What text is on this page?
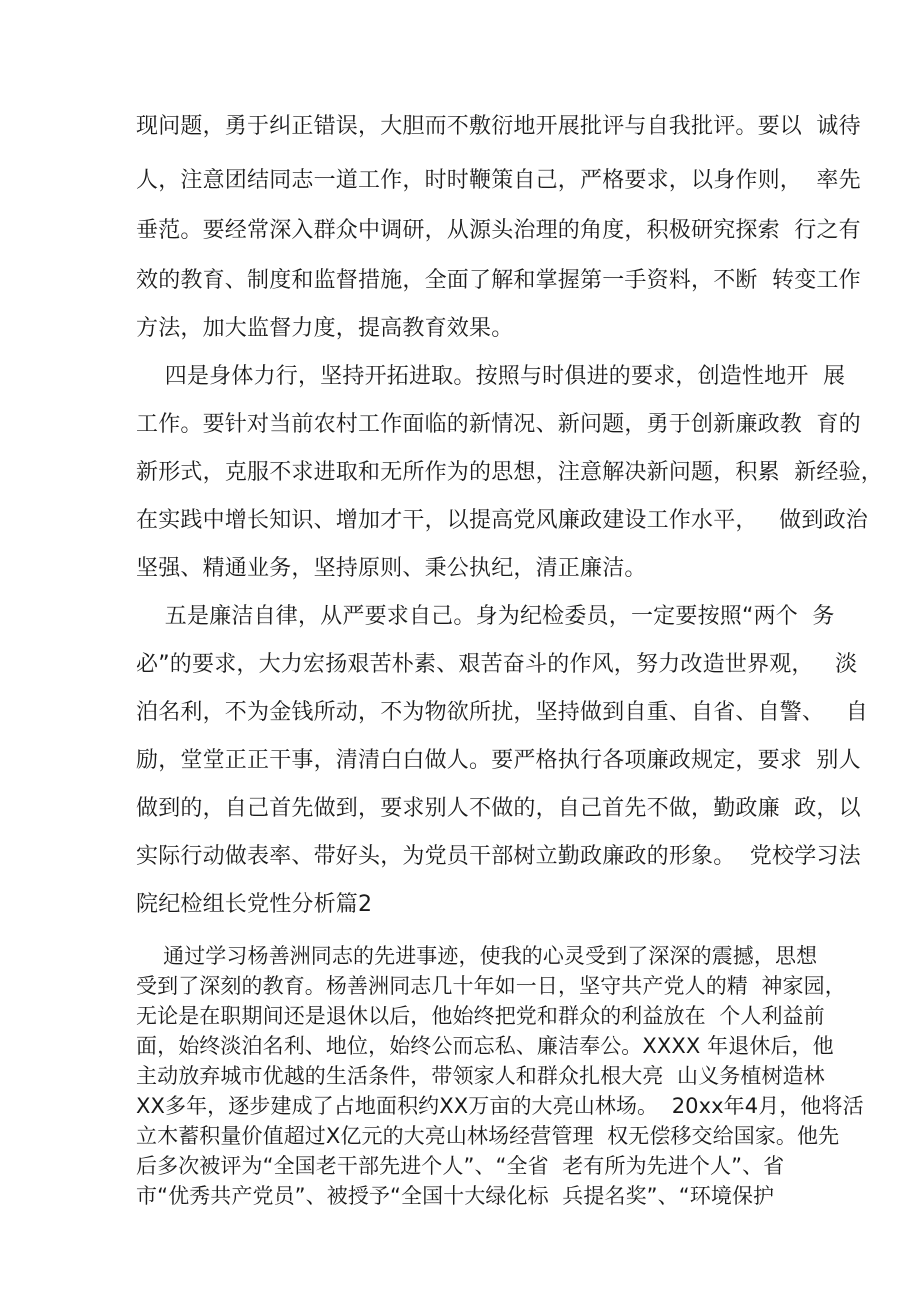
现问题，勇于纠正错误，大胆而不敷衍地开展批评与自我批评。要以  诚待
人，注意团结同志一道工作，时时鞭策自己，严格要求，以身作则，  率先
垂范。要经常深入群众中调研，从源头治理的角度，积极研究探索  行之有
效的教育、制度和监督措施，全面了解和掌握第一手资料，不断  转变工作
方法，加大监督力度，提高教育效果。
四是身体力行，坚持开拓进取。按照与时俱进的要求，创造性地开  展
工作。要针对当前农村工作面临的新情况、新问题，勇于创新廉政教  育的
新形式，克服不求进取和无所作为的思想，注意解决新问题，积累  新经验，
在实践中增长知识、增加才干，以提高党风廉政建设工作水平，   做到政治
坚强、精通业务，坚持原则、秉公执纪，清正廉洁。
五是廉洁自律，从严要求自己。身为纪检委员，一定要按照“两个  务
必”的要求，大力宏扬艰苦朴素、艰苦奋斗的作风，努力改造世界观，   淡
泊名利，不为金钱所动，不为物欲所扰，坚持做到自重、自省、自警、   自
励，堂堂正正干事，清清白白做人。要严格执行各项廉政规定，要求  别人
做到的，自己首先做到，要求别人不做的，自己首先不做，勤政廉  政，以
实际行动做表率、带好头，为党员干部树立勤政廉政的形象。  党校学习法
院纪检组长党性分析篇2
通过学习杨善洲同志的先进事迹，使我的心灵受到了深深的震撼，思想
受到了深刻的教育。杨善洲同志几十年如一日，坚守共产党人的精  神家园，
无论是在职期间还是退休以后，他始终把党和群众的利益放在  个人利益前
面，始终淡泊名利、地位，始终公而忘私、廉洁奉公。XXXX 年退休后，他
主动放弃城市优越的生活条件，带领家人和群众扎根大亮  山义务植树造林
XX多年，逐步建成了占地面积约XX万亩的大亮山林场。  20xx年4月，他将活
立木蓄积量价值超过X亿元的大亮山林场经营管理  权无偿移交给国家。他先
后多次被评为“全国老干部先进个人”、“全省  老有所为先进个人”、省
市“优秀共产党员”、被授予“全国十大绿化标  兵提名奖”、“环境保护
